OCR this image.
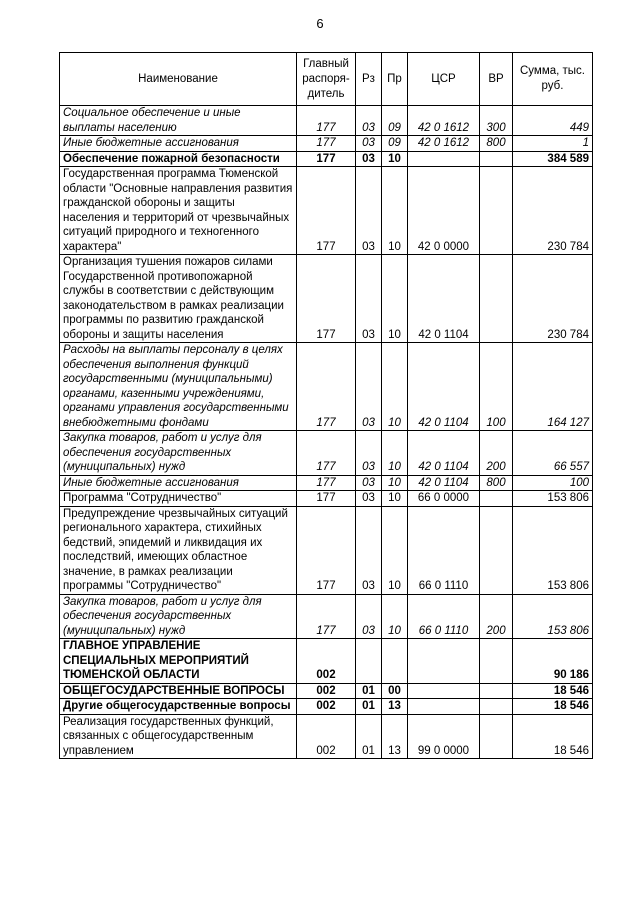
6
Наименование	Главный распоря-дитель	Рз	Пр	ЦСР	ВР	Сумма, тыс. руб.
Социальное обеспечение и иные выплаты населению	177	03	09	42 0 1612	300	449
Иные бюджетные ассигнования	177	03	09	42 0 1612	800	1
Обеспечение пожарной безопасности	177	03	10			384 589
Государственная программа Тюменской области "Основные направления развития гражданской обороны и защиты населения и территорий от чрезвычайных ситуаций природного и техногенного характера"	177	03	10	42 0 0000		230 784
Организация тушения пожаров силами Государственной противопожарной службы в соответствии с действующим законодательством в рамках реализации программы по развитию гражданской обороны и защиты населения	177	03	10	42 0 1104		230 784
Расходы на выплаты персоналу в целях обеспечения выполнения функций государственными (муниципальными) органами, казенными учреждениями, органами управления государственными внебюджетными фондами	177	03	10	42 0 1104	100	164 127
Закупка товаров, работ и услуг для обеспечения государственных (муниципальных) нужд	177	03	10	42 0 1104	200	66 557
Иные бюджетные ассигнования	177	03	10	42 0 1104	800	100
Программа "Сотрудничество"	177	03	10	66 0 0000		153 806
Предупреждение чрезвычайных ситуаций регионального характера, стихийных бедствий, эпидемий и ликвидация их последствий, имеющих областное значение, в рамках реализации программы "Сотрудничество"	177	03	10	66 0 1110		153 806
Закупка товаров, работ и услуг для обеспечения государственных (муниципальных) нужд	177	03	10	66 0 1110	200	153 806
ГЛАВНОЕ УПРАВЛЕНИЕ СПЕЦИАЛЬНЫХ МЕРОПРИЯТИЙ ТЮМЕНСКОЙ ОБЛАСТИ	002					90 186
ОБЩЕГОСУДАРСТВЕННЫЕ ВОПРОСЫ	002	01	00			18 546
Другие общегосударственные вопросы	002	01	13			18 546
Реализация государственных функций, связанных с общегосударственным управлением	002	01	13	99 0 0000		18 546
